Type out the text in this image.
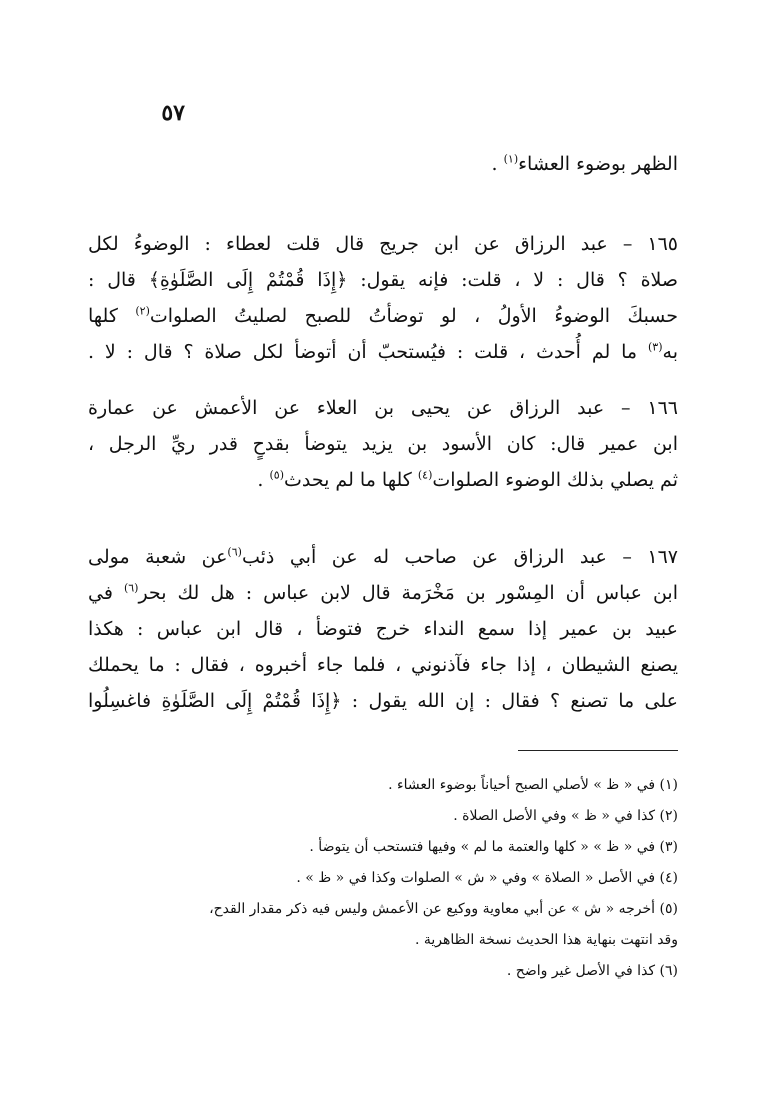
٥٧

الظهر بوضوء العشاء$^{(١)}$ .

١٦٥ – عبد الرزاق عن ابن جريج قال قلت لعطاء : الوضوءُ لكل
صلاة ؟ قال : لا ، قلت: فإنه يقول: ﴿إِذَا قُمْتُمْ إِلَى الصَّلَوٰةِ﴾ قال :
حسبكَ الوضوءُ الأولُ ، لو توضأتُ للصبح لصليتُ الصلوات$^{(٢)}$ كلها
به$^{(٣)}$ ما لم أُحدث ، قلت : فيُستحبّ أن أتوضأ لكل صلاة ؟ قال : لا .

١٦٦ – عبد الرزاق عن يحيى بن العلاء عن الأعمش عن عمارة
ابن عمير قال: كان الأسود بن يزيد يتوضأ بقدحٍ قدر ريِّ الرجل ،
ثم يصلي بذلك الوضوء الصلوات$^{(٤)}$ كلها ما لم يحدث$^{(٥)}$ .

١٦٧ – عبد الرزاق عن صاحب له عن أبي ذئب$^{(٦)}$عن شعبة مولى
ابن عباس أن المِسْور بن مَخْرَمة قال لابن عباس : هل لك بحر$^{(٦)}$ في
عبيد بن عمير إذا سمع النداء خرج فتوضأ ، قال ابن عباس : هكذا
يصنع الشيطان ، إذا جاء فآذنوني ، فلما جاء أخبروه ، فقال : ما يحملك
على ما تصنع ؟ فقال : إن الله يقول : ﴿إِذَا قُمْتُمْ إِلَى الصَّلَوٰةِ فاغسِلُوا

(١) في « ظ » لأصلي الصبح أحياناً بوضوء العشاء .
(٢) كذا في « ظ » وفي الأصل الصلاة .
(٣) في « ظ » « كلها والعتمة ما لم » وفيها فتستحب أن يتوضأ .
(٤) في الأصل « الصلاة » وفي « ش » الصلوات وكذا في « ظ » .
(٥) أخرجه « ش » عن أبي معاوية ووكيع عن الأعمش وليس فيه ذكر مقدار القدح،
وقد انتهت بنهاية هذا الحديث نسخة الظاهرية .
(٦) كذا في الأصل غير واضح .
